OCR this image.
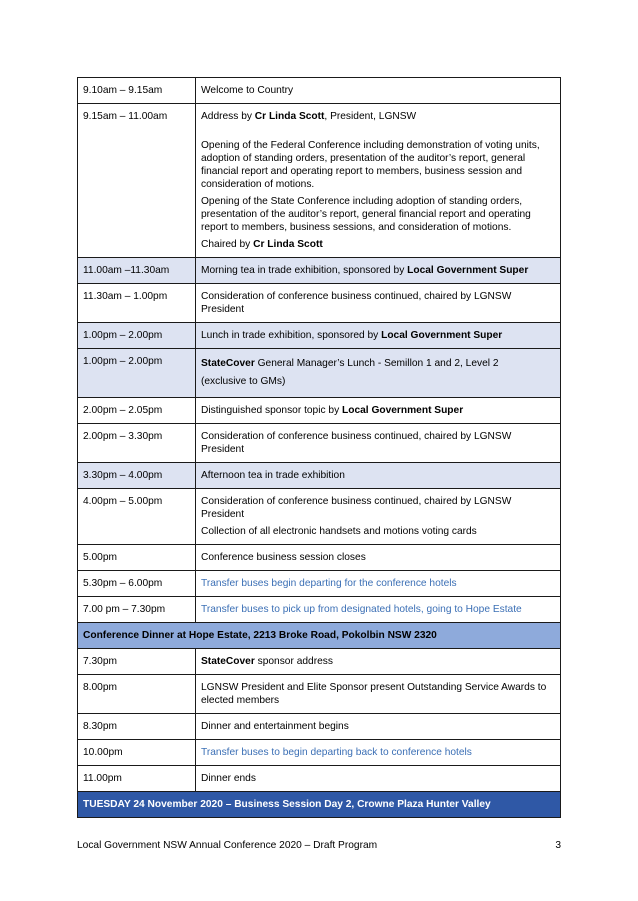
9.10am – 9.15am	Welcome to Country
9.15am – 11.00am	Address by Cr Linda Scott, President, LGNSW
Opening of the Federal Conference including demonstration of voting units, adoption of standing orders, presentation of the auditor’s report, general financial report and operating report to members, business session and consideration of motions.
Opening of the State Conference including adoption of standing orders, presentation of the auditor’s report, general financial report and operating report to members, business sessions, and consideration of motions.
Chaired by Cr Linda Scott

11.00am –11.30am	Morning tea in trade exhibition, sponsored by Local Government Super
11.30am – 1.00pm	Consideration of conference business continued, chaired by LGNSW President
1.00pm – 2.00pm	Lunch in trade exhibition, sponsored by Local Government Super
1.00pm – 2.00pm	StateCover General Manager’s Lunch - Semillon 1 and 2, Level 2
(exclusive to GMs)

2.00pm – 2.05pm	Distinguished sponsor topic by Local Government Super
2.00pm – 3.30pm	Consideration of conference business continued, chaired by LGNSW President
3.30pm – 4.00pm	Afternoon tea in trade exhibition
4.00pm – 5.00pm	Consideration of conference business continued, chaired by LGNSW President
Collection of all electronic handsets and motions voting cards

5.00pm	Conference business session closes
5.30pm – 6.00pm	Transfer buses begin departing for the conference hotels
7.00 pm – 7.30pm	Transfer buses to pick up from designated hotels, going to Hope Estate
Conference Dinner at Hope Estate, 2213 Broke Road, Pokolbin NSW 2320	
7.30pm	StateCover sponsor address
8.00pm	LGNSW President and Elite Sponsor present Outstanding Service Awards to elected members
8.30pm	Dinner and entertainment begins
10.00pm	Transfer buses to begin departing back to conference hotels
11.00pm	Dinner ends
TUESDAY 24 November 2020 – Business Session Day 2, Crowne Plaza Hunter Valley	
Local Government NSW Annual Conference 2020 – Draft Program	3
